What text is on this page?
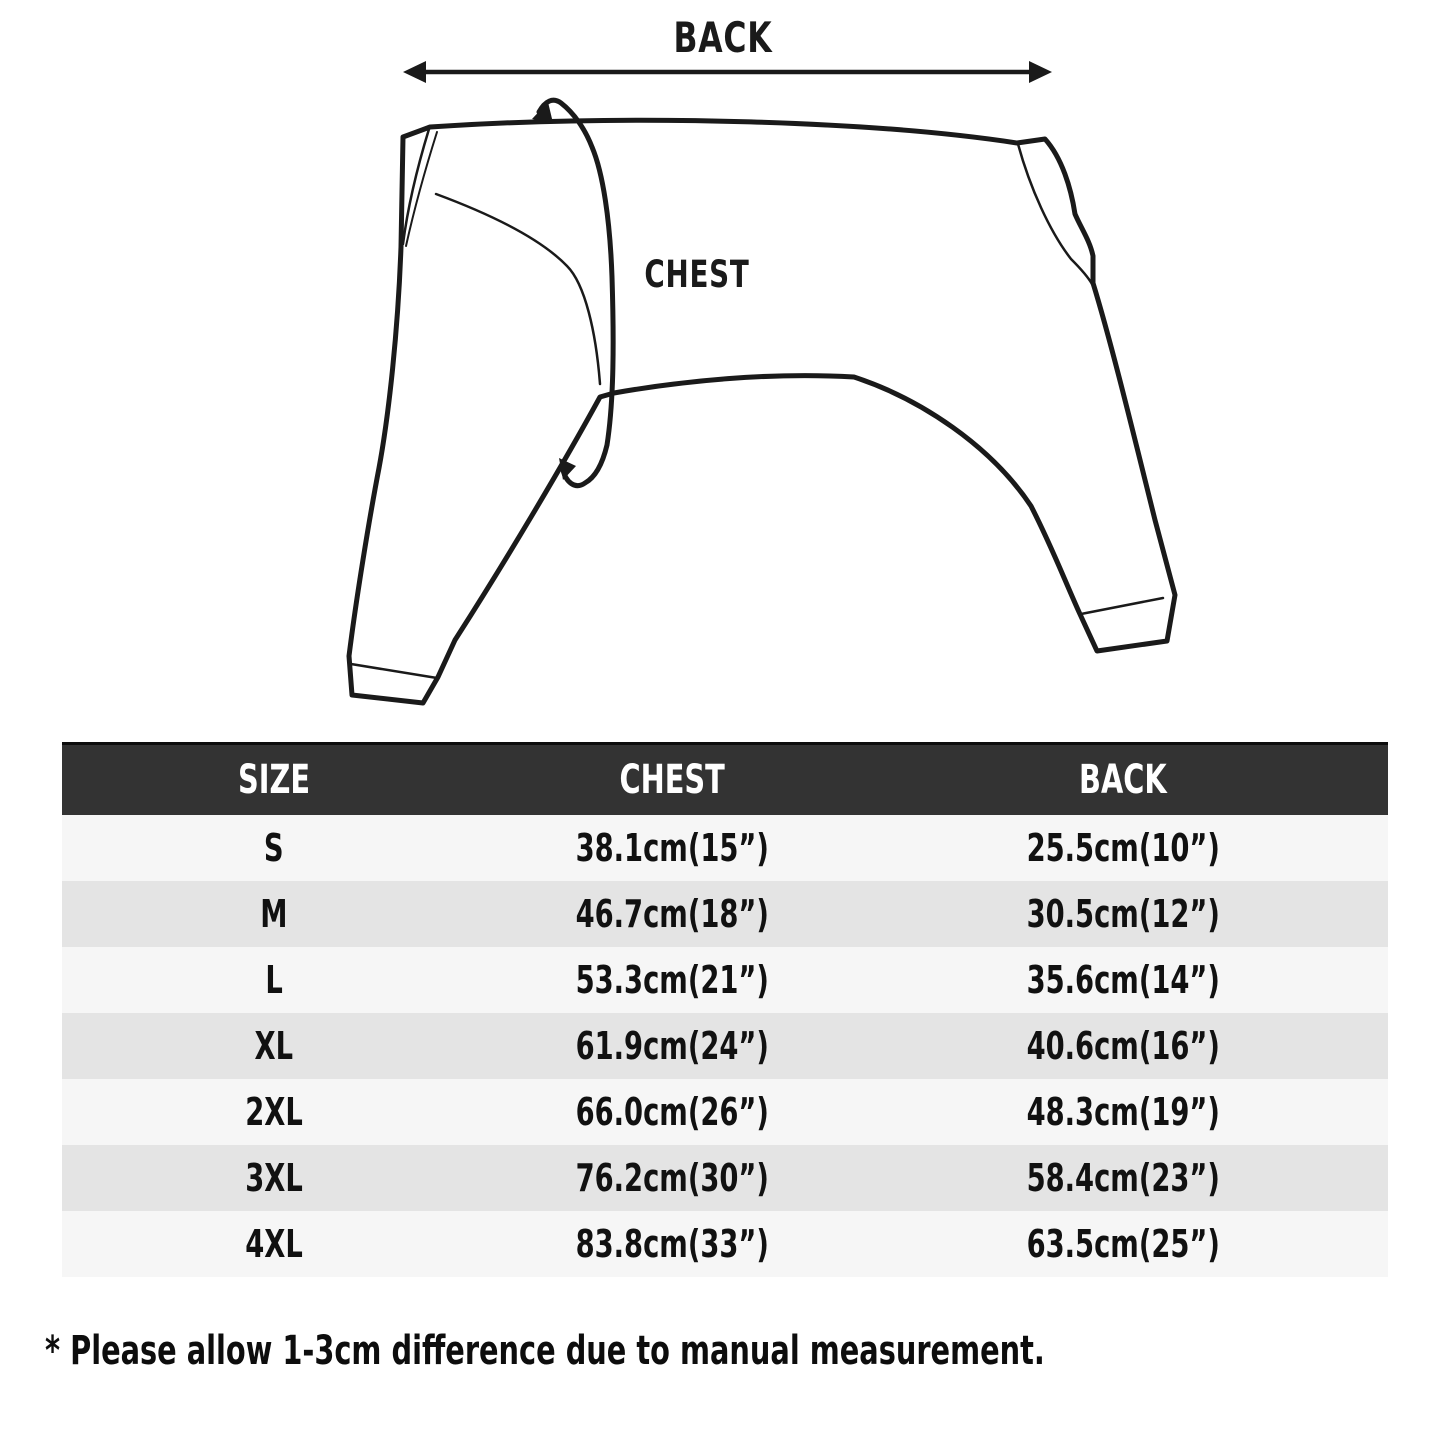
BACK
CHEST
SIZE	CHEST	BACK
S	38.1cm(15”)	25.5cm(10”)
M	46.7cm(18”)	30.5cm(12”)
L	53.3cm(21”)	35.6cm(14”)
XL	61.9cm(24”)	40.6cm(16”)
2XL	66.0cm(26”)	48.3cm(19”)
3XL	76.2cm(30”)	58.4cm(23”)
4XL	83.8cm(33”)	63.5cm(25”)
* Please allow 1-3cm difference due to manual measurement.
